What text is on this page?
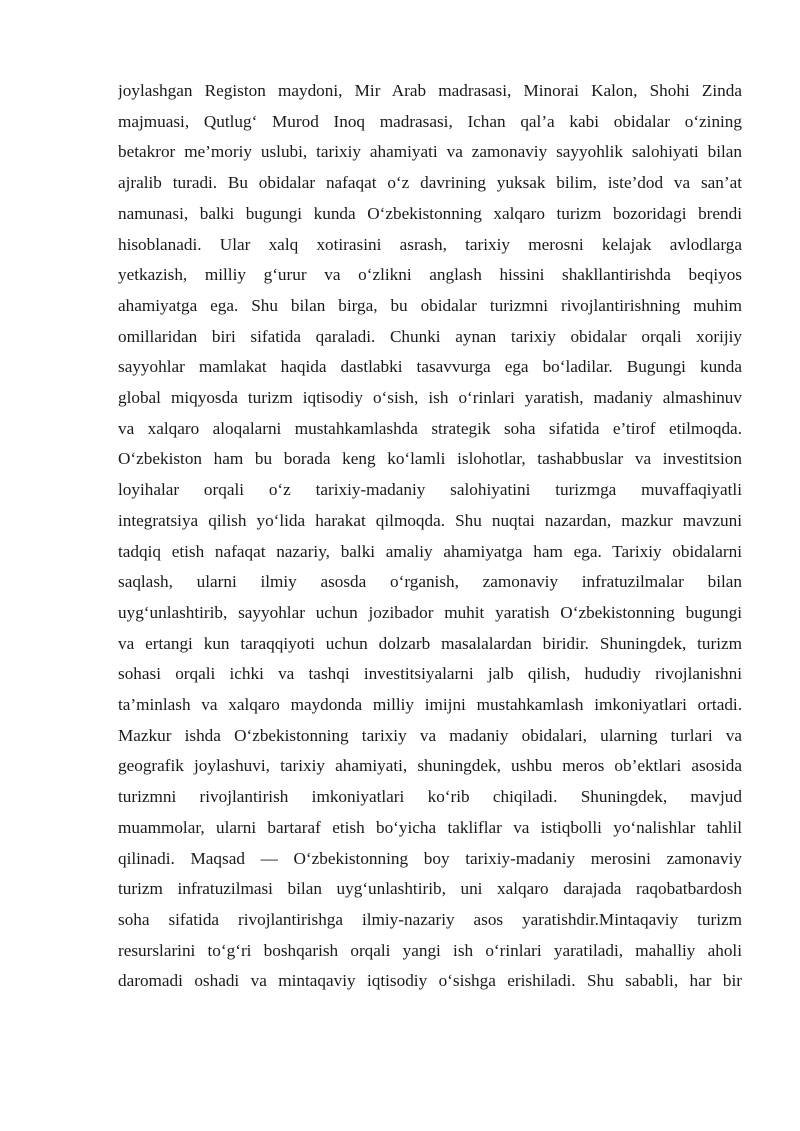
joylashgan Registon maydoni, Mir Arab madrasasi, Minorai Kalon, Shohi Zinda
majmuasi, Qutlug‘ Murod Inoq madrasasi, Ichan qal’a kabi obidalar o‘zining
betakror me’moriy uslubi, tarixiy ahamiyati va zamonaviy sayyohlik salohiyati bilan
ajralib turadi. Bu obidalar nafaqat o‘z davrining yuksak bilim, iste’dod va san’at
namunasi, balki bugungi kunda O‘zbekistonning xalqaro turizm bozoridagi brendi
hisoblanadi. Ular xalq xotirasini asrash, tarixiy merosni kelajak avlodlarga
yetkazish, milliy g‘urur va o‘zlikni anglash hissini shakllantirishda beqiyos
ahamiyatga ega. Shu bilan birga, bu obidalar turizmni rivojlantirishning muhim
omillaridan biri sifatida qaraladi. Chunki aynan tarixiy obidalar orqali xorijiy
sayyohlar mamlakat haqida dastlabki tasavvurga ega bo‘ladilar. Bugungi kunda
global miqyosda turizm iqtisodiy o‘sish, ish o‘rinlari yaratish, madaniy almashinuv
va xalqaro aloqalarni mustahkamlashda strategik soha sifatida e’tirof etilmoqda.
O‘zbekiston ham bu borada keng ko‘lamli islohotlar, tashabbuslar va investitsion
loyihalar orqali o‘z tarixiy-madaniy salohiyatini turizmga muvaffaqiyatli
integratsiya qilish yo‘lida harakat qilmoqda. Shu nuqtai nazardan, mazkur mavzuni
tadqiq etish nafaqat nazariy, balki amaliy ahamiyatga ham ega. Tarixiy obidalarni
saqlash, ularni ilmiy asosda o‘rganish, zamonaviy infratuzilmalar bilan
uyg‘unlashtirib, sayyohlar uchun jozibador muhit yaratish O‘zbekistonning bugungi
va ertangi kun taraqqiyoti uchun dolzarb masalalardan biridir. Shuningdek, turizm
sohasi orqali ichki va tashqi investitsiyalarni jalb qilish, hududiy rivojlanishni
ta’minlash va xalqaro maydonda milliy imijni mustahkamlash imkoniyatlari ortadi.
Mazkur ishda O‘zbekistonning tarixiy va madaniy obidalari, ularning turlari va
geografik joylashuvi, tarixiy ahamiyati, shuningdek, ushbu meros ob’ektlari asosida
turizmni rivojlantirish imkoniyatlari ko‘rib chiqiladi. Shuningdek, mavjud
muammolar, ularni bartaraf etish bo‘yicha takliflar va istiqbolli yo‘nalishlar tahlil
qilinadi. Maqsad — O‘zbekistonning boy tarixiy-madaniy merosini zamonaviy
turizm infratuzilmasi bilan uyg‘unlashtirib, uni xalqaro darajada raqobatbardosh
soha sifatida rivojlantirishga ilmiy-nazariy asos yaratishdir.Mintaqaviy turizm
resurslarini to‘g‘ri boshqarish orqali yangi ish o‘rinlari yaratiladi, mahalliy aholi
daromadi oshadi va mintaqaviy iqtisodiy o‘sishga erishiladi. Shu sababli, har bir
